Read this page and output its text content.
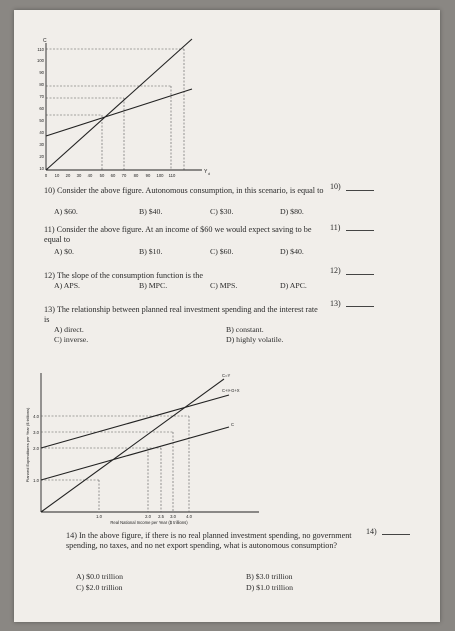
C
Y d
110
100
90
80
70
60
50
40
30
20
10
0 10 20 30 40 50 60 70 80 90 100 110
10) Consider the above figure. Autonomous consumption, in this scenario, is equal to 10)
A) $60.	B) $40.	C) $30.	D) $80.
11) Consider the above figure. At an income of $60 we would expect saving to be equal to
11)
A) $0.	B) $10.	C) $60.	D) $40.
12) The slope of the consumption function is the
12)
A) APS.	B) MPC.	C) MPS.	D) APC.
13) The relationship between planned real investment spending and the interest rate is
13)
A) direct.	B) constant.
C) inverse.	D) highly volatile.
Planned Expenditures per Year ($ trillions)
C=Y
C+I+G+X
C
4.0
3.0
2.0
1.0
1.0	2.0 2.5 3.0 4.0
Real National Income per Year ($ trillions)
14) In the above figure, if there is no real planned investment spending, no government spending, no taxes, and no net export spending, what is autonomous consumption?
14)
A) $0.0 trillion	B) $3.0 trillion
C) $2.0 trillion	D) $1.0 trillion
